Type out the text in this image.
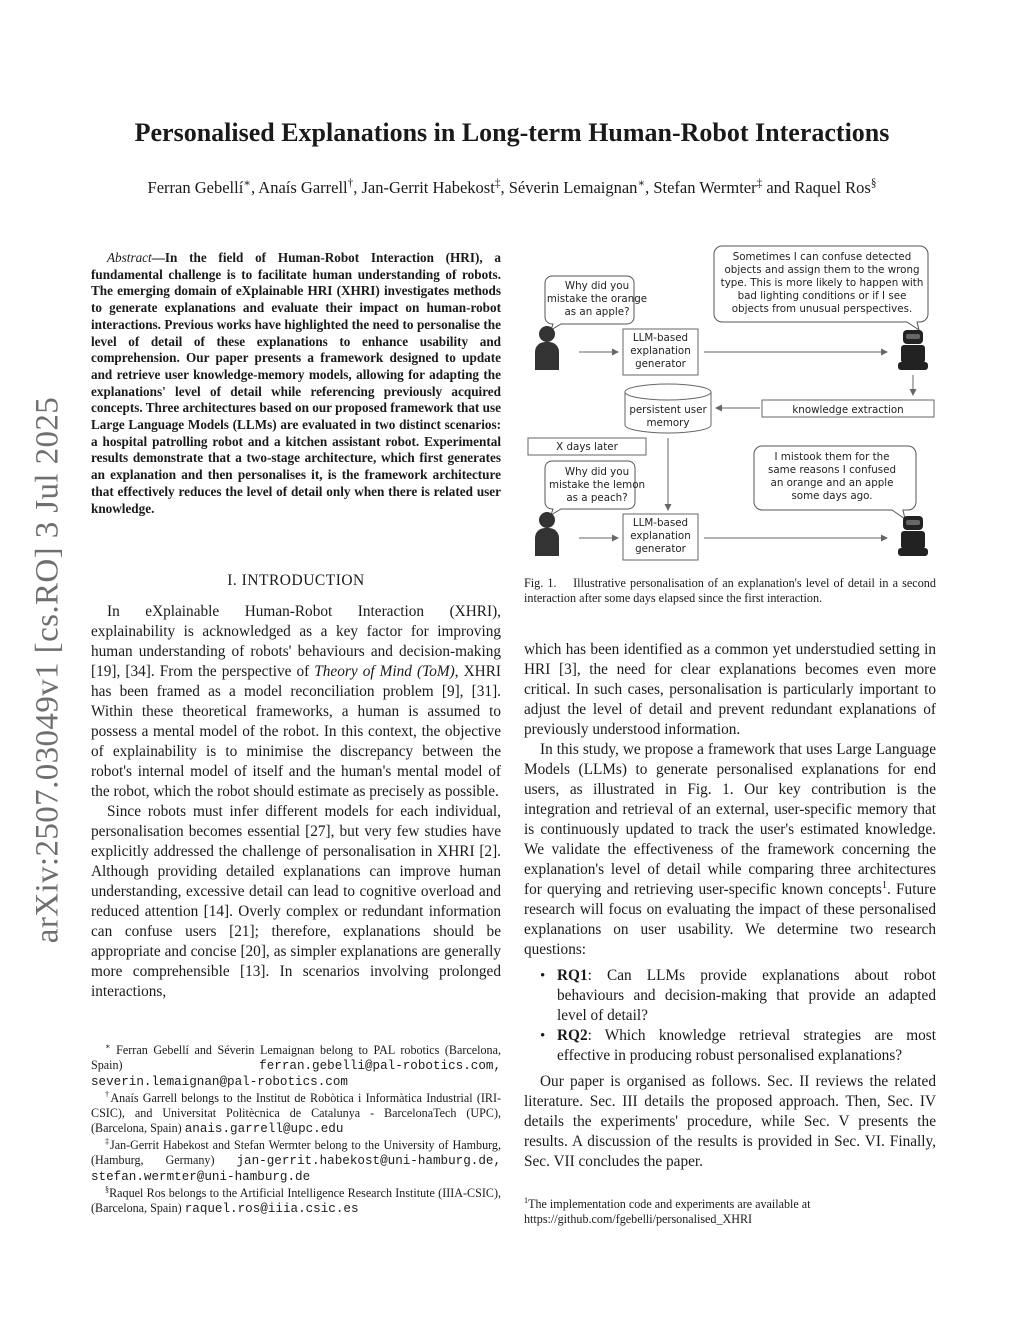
arXiv:2507.03049v1 [cs.RO] 3 Jul 2025
Personalised Explanations in Long-term Human-Robot Interactions
Ferran Gebellí∗, Anaís Garrell†, Jan-Gerrit Habekost‡, Séverin Lemaignan∗, Stefan Wermter‡ and Raquel Ros§
Abstract—In the field of Human-Robot Interaction (HRI), a fundamental challenge is to facilitate human understanding of robots. The emerging domain of eXplainable HRI (XHRI) investigates methods to generate explanations and evaluate their impact on human-robot interactions. Previous works have highlighted the need to personalise the level of detail of these explanations to enhance usability and comprehension. Our paper presents a framework designed to update and retrieve user knowledge-memory models, allowing for adapting the explanations' level of detail while referencing previously acquired concepts. Three architectures based on our proposed framework that use Large Language Models (LLMs) are evaluated in two distinct scenarios: a hospital patrolling robot and a kitchen assistant robot. Experimental results demonstrate that a two-stage architecture, which first generates an explanation and then personalises it, is the framework architecture that effectively reduces the level of detail only when there is related user knowledge.
I. INTRODUCTION

In eXplainable Human-Robot Interaction (XHRI), explainability is acknowledged as a key factor for improving human understanding of robots' behaviours and decision-making [19], [34]. From the perspective of Theory of Mind (ToM), XHRI has been framed as a model reconciliation problem [9], [31]. Within these theoretical frameworks, a human is assumed to possess a mental model of the robot. In this context, the objective of explainability is to minimise the discrepancy between the robot's internal model of itself and the human's mental model of the robot, which the robot should estimate as precisely as possible.

Since robots must infer different models for each individual, personalisation becomes essential [27], but very few studies have explicitly addressed the challenge of personalisation in XHRI [2]. Although providing detailed explanations can improve human understanding, excessive detail can lead to cognitive overload and reduced attention [14]. Overly complex or redundant information can confuse users [21]; therefore, explanations should be appropriate and concise [20], as simpler explanations are generally more comprehensible [13]. In scenarios involving prolonged interactions,

∗ Ferran Gebellí and Séverin Lemaignan belong to PAL robotics (Barcelona, Spain)	ferran.gebelli@pal-robotics.com, severin.lemaignan@pal-robotics.com

†Anaís Garrell belongs to the Institut de Robòtica i Informàtica Industrial (IRI-CSIC), and Universitat Politècnica de Catalunya - BarcelonaTech (UPC), (Barcelona, Spain) anais.garrell@upc.edu

‡Jan-Gerrit Habekost and Stefan Wermter belong to the University of Hamburg, (Hamburg, Germany) jan-gerrit.habekost@uni-hamburg.de, stefan.wermter@uni-hamburg.de

§Raquel Ros belongs to the Artificial Intelligence Research Institute (IIIA-CSIC), (Barcelona, Spain) raquel.ros@iiia.csic.es

Why did you
mistake the orange
as an apple?
Sometimes I can confuse detected
objects and assign them to the wrong
type. This is more likely to happen with
bad lighting conditions or if I see
objects from unusual perspectives.
LLM-based
explanation
generator
persistent user
memory
knowledge extraction
X days later
Why did you
mistake the lemon
as a peach?
I mistook them for the
same reasons I confused
an orange and an apple
some days ago.
LLM-based
explanation
generator
Fig. 1. Illustrative personalisation of an explanation's level of detail in a second interaction after some days elapsed since the first interaction.

which has been identified as a common yet understudied setting in HRI [3], the need for clear explanations becomes even more critical. In such cases, personalisation is particularly important to adjust the level of detail and prevent redundant explanations of previously understood information.

In this study, we propose a framework that uses Large Language Models (LLMs) to generate personalised explanations for end users, as illustrated in Fig. 1. Our key contribution is the integration and retrieval of an external, user-specific memory that is continuously updated to track the user's estimated knowledge. We validate the effectiveness of the framework concerning the explanation's level of detail while comparing three architectures for querying and retrieving user-specific known concepts$^1$. Future research will focus on evaluating the impact of these personalised explanations on user usability. We determine two research questions:

• RQ1: Can LLMs provide explanations about robot behaviours and decision-making that provide an adapted level of detail?
• RQ2: Which knowledge retrieval strategies are most effective in producing robust personalised explanations?

Our paper is organised as follows. Sec. II reviews the related literature. Sec. III details the proposed approach. Then, Sec. IV details the experiments' procedure, while Sec. V presents the results. A discussion of the results is provided in Sec. VI. Finally, Sec. VII concludes the paper.

$^1$The implementation code and experiments are available at
https://github.com/fgebelli/personalised_XHRI
